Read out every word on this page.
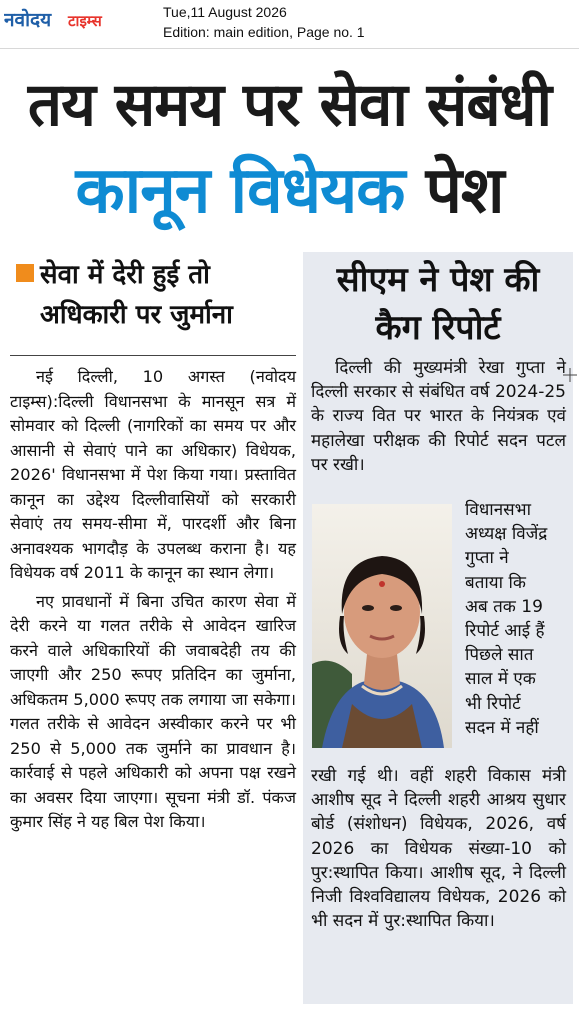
नवोदय टाइम्स	Tue,11 August 2026
Edition: main edition, Page no. 1
तय समय पर सेवा संबंधी
कानून विधेयक पेश
सेवा में देरी हुई तो
अधिकारी पर जुर्माना

नई दिल्ली, 10 अगस्त (नवोदय टाइम्स):दिल्ली विधानसभा के मानसून सत्र में सोमवार को दिल्ली (नागरिकों का समय पर और आसानी से सेवाएं पाने का अधिकार) विधेयक, 2026' विधानसभा में पेश किया गया। प्रस्तावित कानून का उद्देश्य दिल्लीवासियों को सरकारी सेवाएं तय समय-सीमा में, पारदर्शी और बिना अनावश्यक भागदौड़ के उपलब्ध कराना है। यह विधेयक वर्ष 2011 के कानून का स्थान लेगा।

नए प्रावधानों में बिना उचित कारण सेवा में देरी करने या गलत तरीके से आवेदन खारिज करने वाले अधिकारियों की जवाबदेही तय की जाएगी और 250 रूपए प्रतिदिन का जुर्माना, अधिकतम 5,000 रूपए तक लगाया जा सकेगा। गलत तरीके से आवेदन अस्वीकार करने पर भी 250 से 5,000 तक जुर्माने का प्रावधान है। कार्रवाई से पहले अधिकारी को अपना पक्ष रखने का अवसर दिया जाएगा। सूचना मंत्री डॉ. पंकज कुमार सिंह ने यह बिल पेश किया।

सीएम ने पेश की
कैग रिपोर्ट

दिल्ली की मुख्यमंत्री रेखा गुप्ता ने दिल्ली सरकार से संबंधित वर्ष 2024-25 के राज्य वित पर भारत के नियंत्रक एवं महालेखा परीक्षक की रिपोर्ट सदन पटल पर रखी।

विधानसभा
अध्यक्ष विजेंद्र
गुप्ता ने
बताया कि
अब तक 19
रिपोर्ट आई हैं
पिछले सात
साल में एक
भी रिपोर्ट
सदन में नहीं
रखी गई थी। वहीं शहरी विकास मंत्री आशीष सूद ने दिल्ली शहरी आश्रय सुधार बोर्ड (संशोधन) विधेयक, 2026, वर्ष 2026 का विधेयक संख्या-10 को पुर:स्थापित किया। आशीष सूद, ने दिल्ली निजी विश्वविद्यालय विधेयक, 2026 को भी सदन में पुर:स्थापित किया।
